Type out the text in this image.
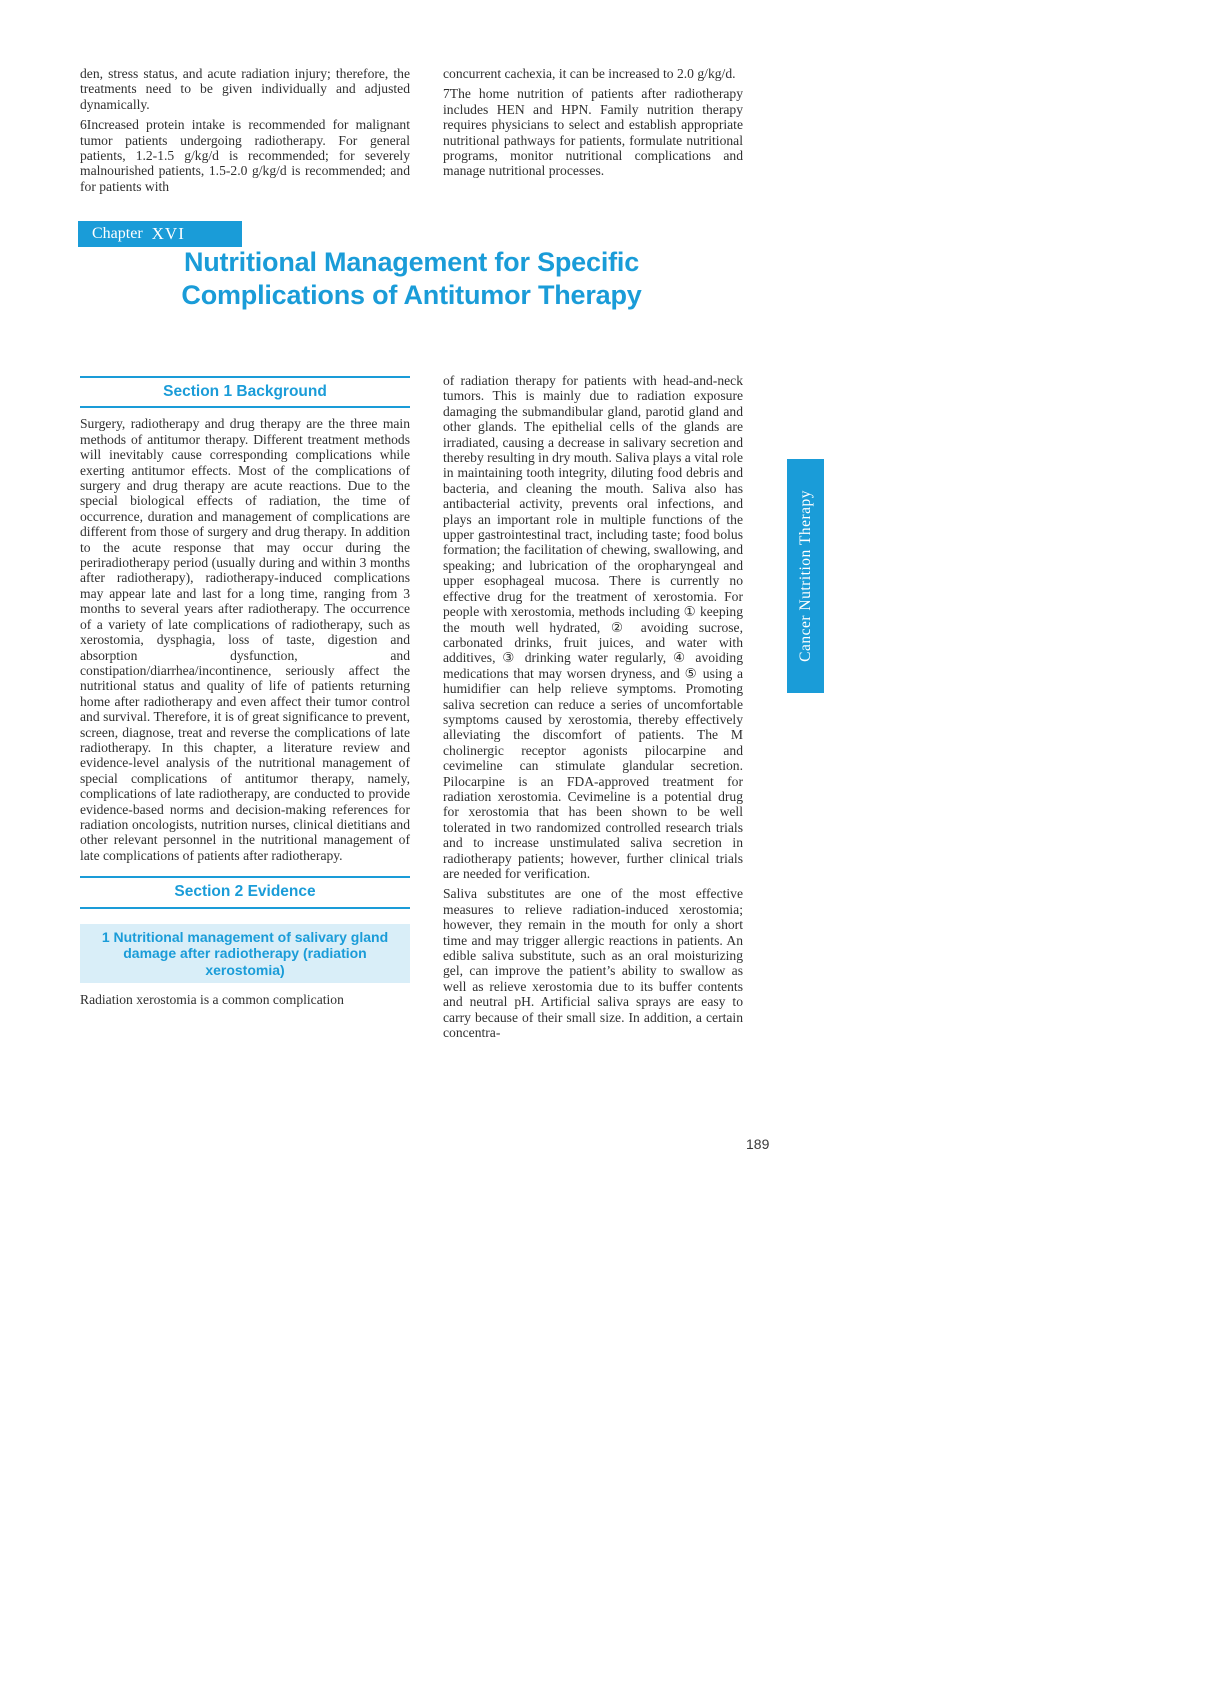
den, stress status, and acute radiation injury; therefore, the treatments need to be given individually and adjusted dynamically.

6Increased protein intake is recommended for malignant tumor patients undergoing radiotherapy. For general patients, 1.2-1.5 g/kg/d is recommended; for severely malnourished patients, 1.5-2.0 g/kg/d is recommended; and for patients with

concurrent cachexia, it can be increased to 2.0 g/kg/d.

7The home nutrition of patients after radiotherapy includes HEN and HPN. Family nutrition therapy requires physicians to select and establish appropriate nutritional pathways for patients, formulate nutritional programs, monitor nutritional complications and manage nutritional processes.

Chapter XVI
Nutritional Management for Specific
Complications of Antitumor Therapy
Section 1 Background

Surgery, radiotherapy and drug therapy are the three main methods of antitumor therapy. Different treatment methods will inevitably cause corresponding complications while exerting antitumor effects. Most of the complications of surgery and drug therapy are acute reactions. Due to the special biological effects of radiation, the time of occurrence, duration and management of complications are different from those of surgery and drug therapy. In addition to the acute response that may occur during the periradiotherapy period (usually during and within 3 months after radiotherapy), radiotherapy-induced complications may appear late and last for a long time, ranging from 3 months to several years after radiotherapy. The occurrence of a variety of late complications of radiotherapy, such as xerostomia, dysphagia, loss of taste, digestion and absorption dysfunction, and constipation/diarrhea/incontinence, seriously affect the nutritional status and quality of life of patients returning home after radiotherapy and even affect their tumor control and survival. Therefore, it is of great significance to prevent, screen, diagnose, treat and reverse the complications of late radiotherapy. In this chapter, a literature review and evidence-level analysis of the nutritional management of special complications of antitumor therapy, namely, complications of late radiotherapy, are conducted to provide evidence-based norms and decision-making references for radiation oncologists, nutrition nurses, clinical dietitians and other relevant personnel in the nutritional management of late complications of patients after radiotherapy.

Section 2 Evidence
1 Nutritional management of salivary gland damage after radiotherapy (radiation xerostomia)

Radiation xerostomia is a common complication

of radiation therapy for patients with head-and-neck tumors. This is mainly due to radiation exposure damaging the submandibular gland, parotid gland and other glands. The epithelial cells of the glands are irradiated, causing a decrease in salivary secretion and thereby resulting in dry mouth. Saliva plays a vital role in maintaining tooth integrity, diluting food debris and bacteria, and cleaning the mouth. Saliva also has antibacterial activity, prevents oral infections, and plays an important role in multiple functions of the upper gastrointestinal tract, including taste; food bolus formation; the facilitation of chewing, swallowing, and speaking; and lubrication of the oropharyngeal and upper esophageal mucosa. There is currently no effective drug for the treatment of xerostomia. For people with xerostomia, methods including ① keeping the mouth well hydrated, ② avoiding sucrose, carbonated drinks, fruit juices, and water with additives, ③ drinking water regularly, ④ avoiding medications that may worsen dryness, and ⑤ using a humidifier can help relieve symptoms. Promoting saliva secretion can reduce a series of uncomfortable symptoms caused by xerostomia, thereby effectively alleviating the discomfort of patients. The M cholinergic receptor agonists pilocarpine and cevimeline can stimulate glandular secretion. Pilocarpine is an FDA-approved treatment for radiation xerostomia. Cevimeline is a potential drug for xerostomia that has been shown to be well tolerated in two randomized controlled research trials and to increase unstimulated saliva secretion in radiotherapy patients; however, further clinical trials are needed for verification.

Saliva substitutes are one of the most effective measures to relieve radiation-induced xerostomia; however, they remain in the mouth for only a short time and may trigger allergic reactions in patients. An edible saliva substitute, such as an oral moisturizing gel, can improve the patient’s ability to swallow as well as relieve xerostomia due to its buffer contents and neutral pH. Artificial saliva sprays are easy to carry because of their small size. In addition, a certain concentra-

189
Cancer Nutrition Therapy
